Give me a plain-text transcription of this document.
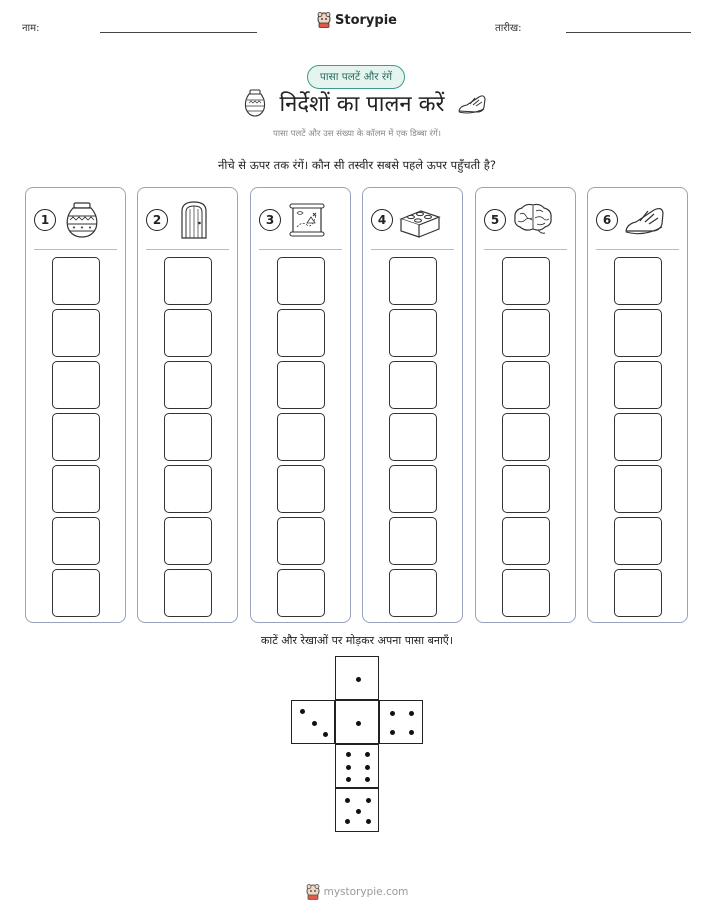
नाम:
Storypie
तारीख:
पासा पलटें और रंगें
निर्देशों का पालन करें
पासा पलटें और उस संख्या के कॉलम में एक डिब्बा रंगें।
नीचे से ऊपर तक रंगें। कौन सी तस्वीर सबसे पहले ऊपर पहुँचती है?
1	2	3	4	5	6
काटें और रेखाओं पर मोड़कर अपना पासा बनाएँ।
mystorypie.com
